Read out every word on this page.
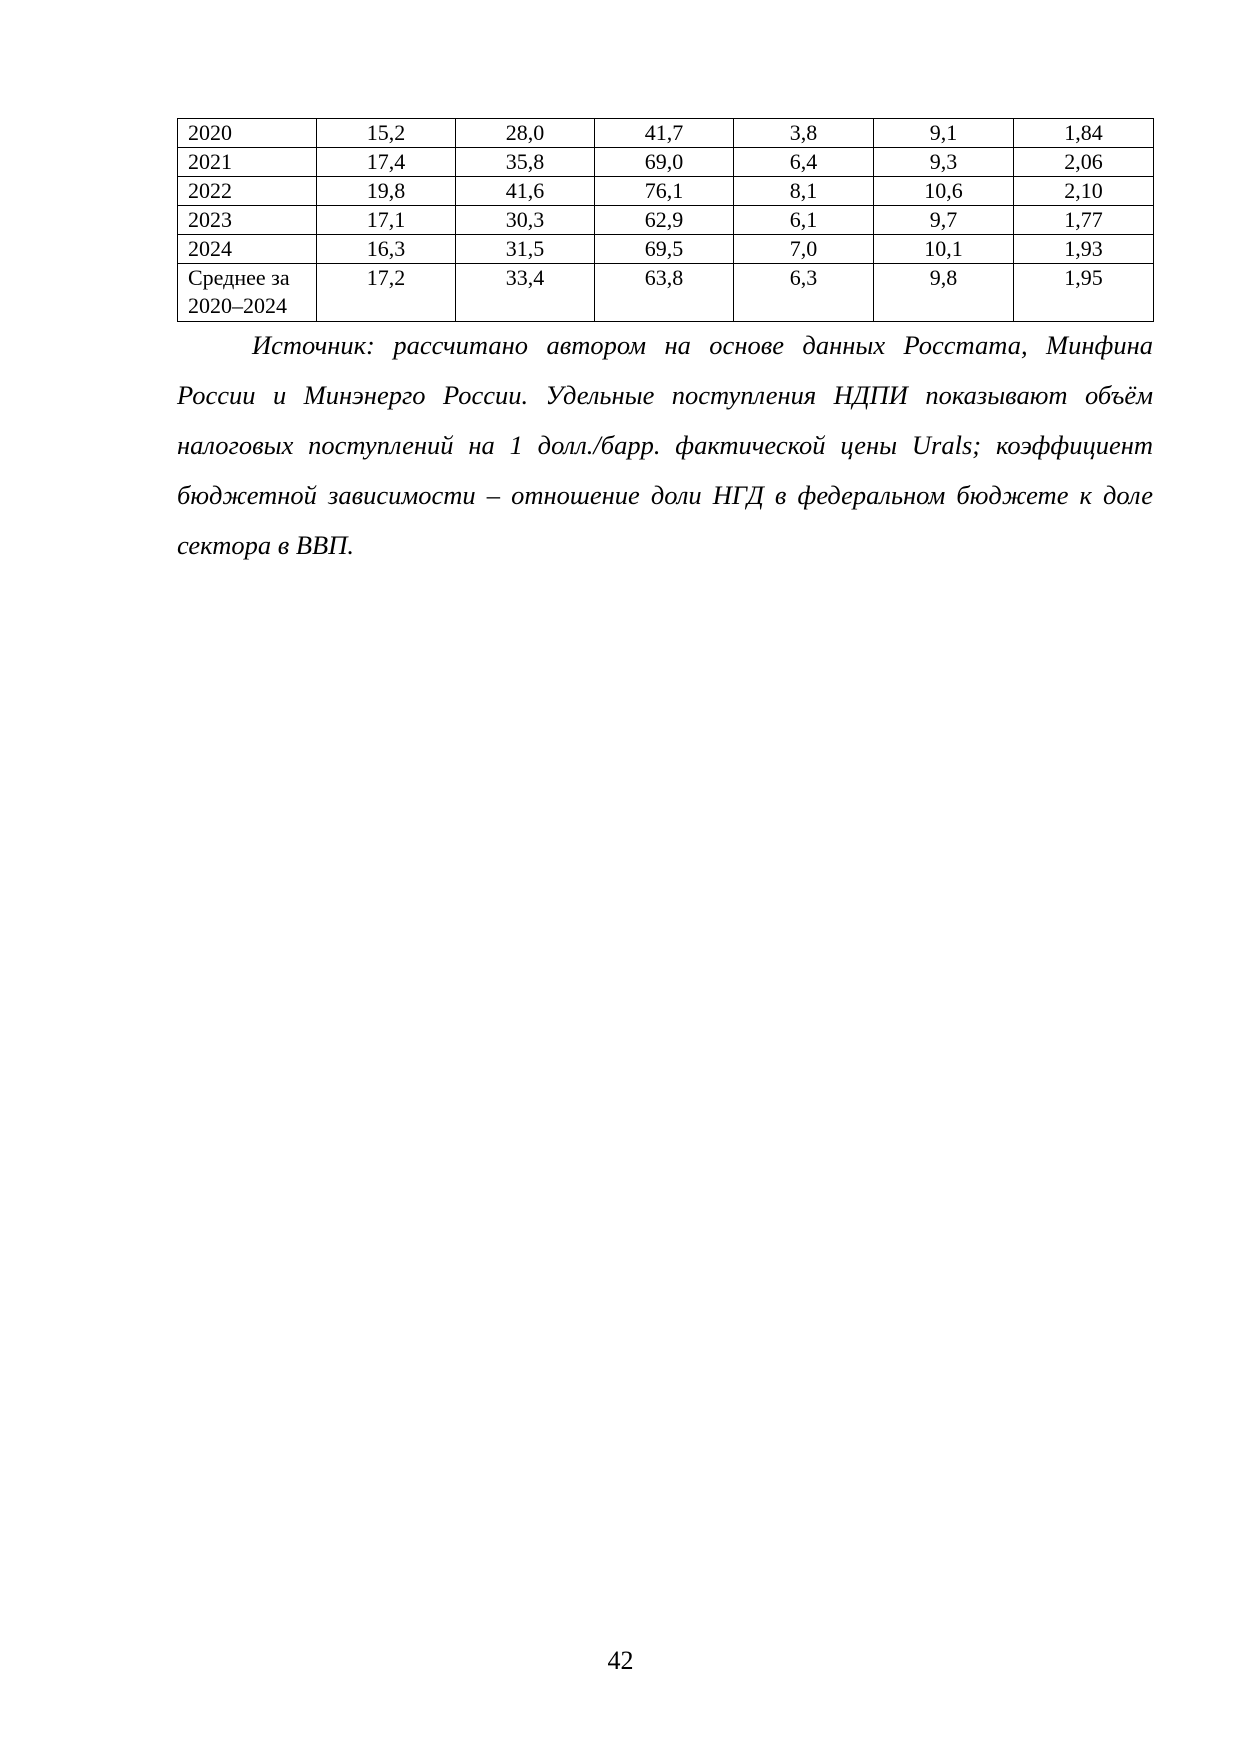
2020	15,2	28,0	41,7	3,8	9,1	1,84
2021	17,4	35,8	69,0	6,4	9,3	2,06
2022	19,8	41,6	76,1	8,1	10,6	2,10
2023	17,1	30,3	62,9	6,1	9,7	1,77
2024	16,3	31,5	69,5	7,0	10,1	1,93
Среднее за 2020–2024	17,2	33,4	63,8	6,3	9,8	1,95

Источник: рассчитано автором на основе данных Росстата, Минфина России и Минэнерго России. Удельные поступления НДПИ показывают объём налоговых поступлений на 1 долл./барр. фактической цены Urals; коэффициент бюджетной зависимости – отношение доли НГД в федеральном бюджете к доле сектора в ВВП.

42
